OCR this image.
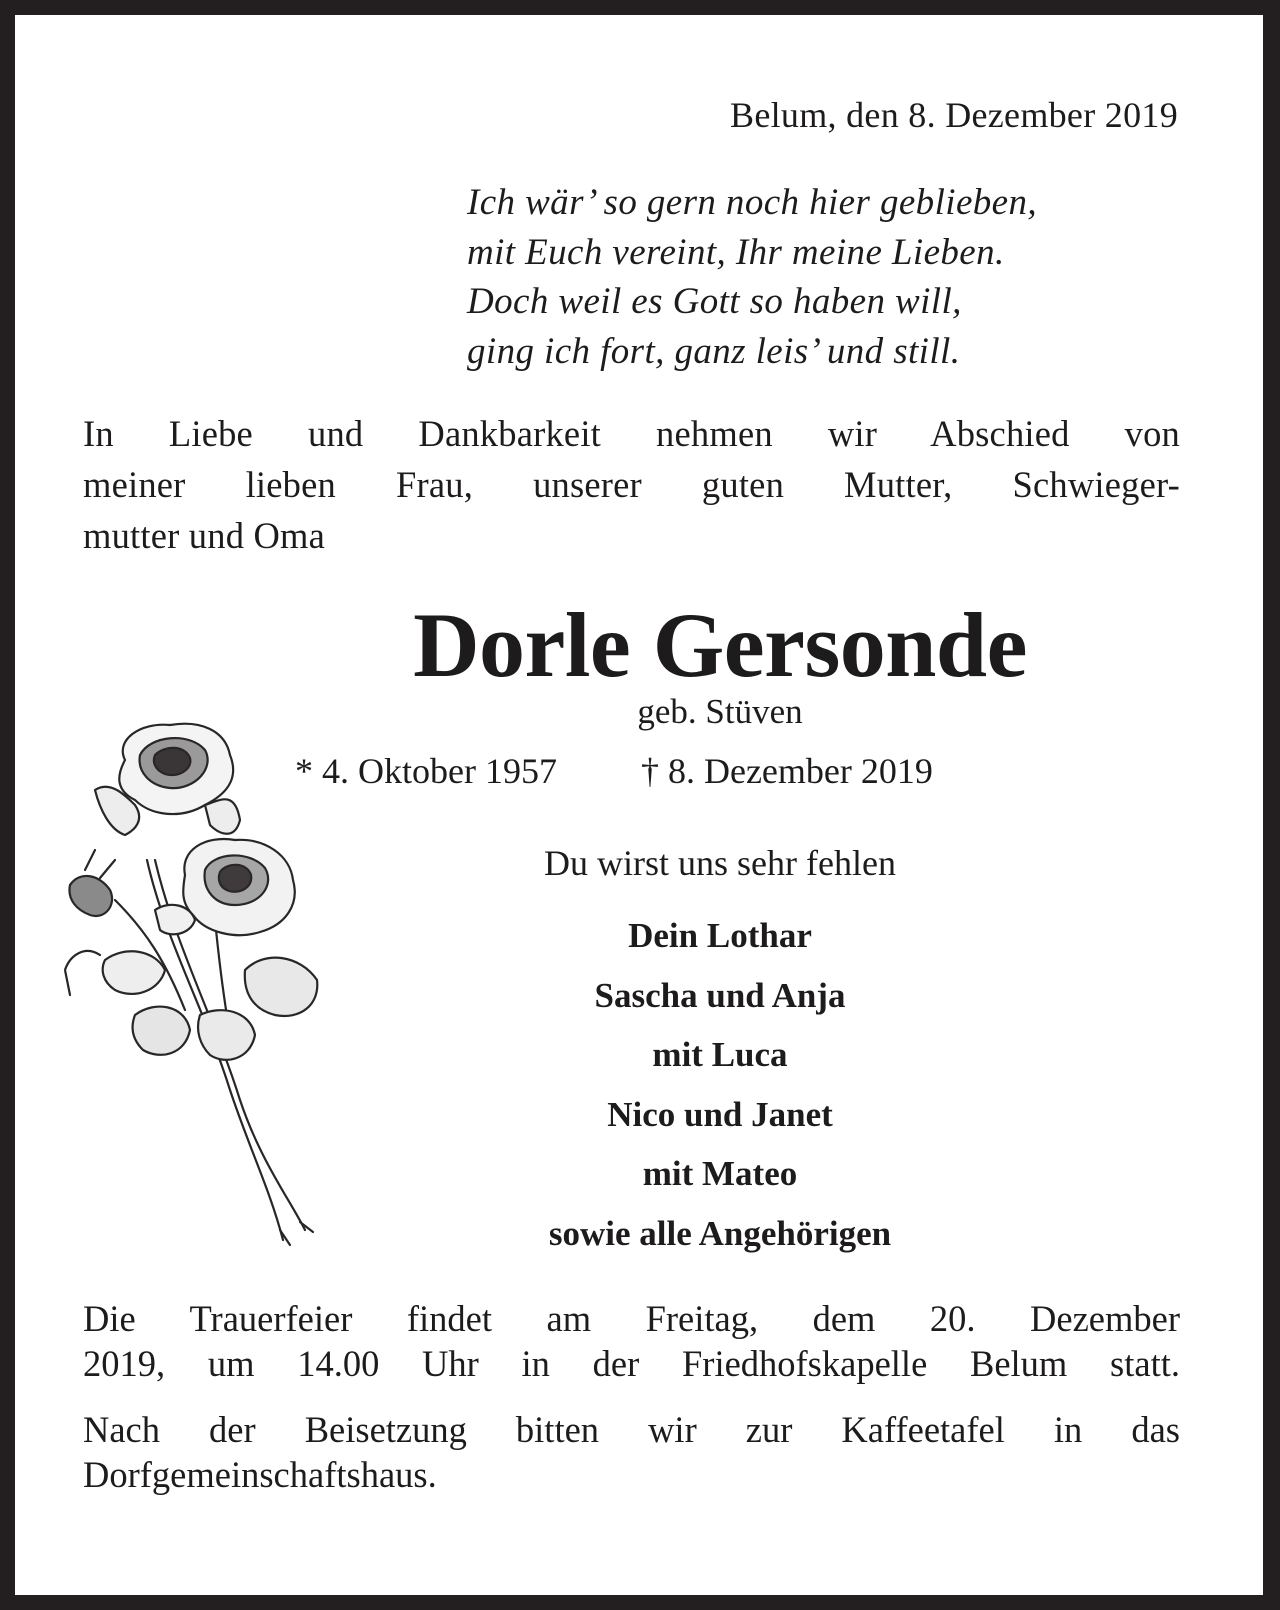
Belum, den 8. Dezember 2019
Ich wär’ so gern noch hier geblieben,
mit Euch vereint, Ihr meine Lieben.
Doch weil es Gott so haben will,
ging ich fort, ganz leis’ und still.
In Liebe und Dankbarkeit nehmen wir Abschied von
meiner lieben Frau, unserer guten Mutter, Schwieger-
mutter und Oma
Dorle Gersonde
geb. Stüven
* 4. Oktober 1957 † 8. Dezember 2019
Du wirst uns sehr fehlen
Dein Lothar
Sascha und Anja
mit Luca
Nico und Janet
mit Mateo
sowie alle Angehörigen
Die Trauerfeier findet am Freitag, dem 20. Dezember
2019, um 14.00 Uhr in der Friedhofskapelle Belum statt.
Nach der Beisetzung bitten wir zur Kaffeetafel in das
Dorfgemeinschaftshaus.
